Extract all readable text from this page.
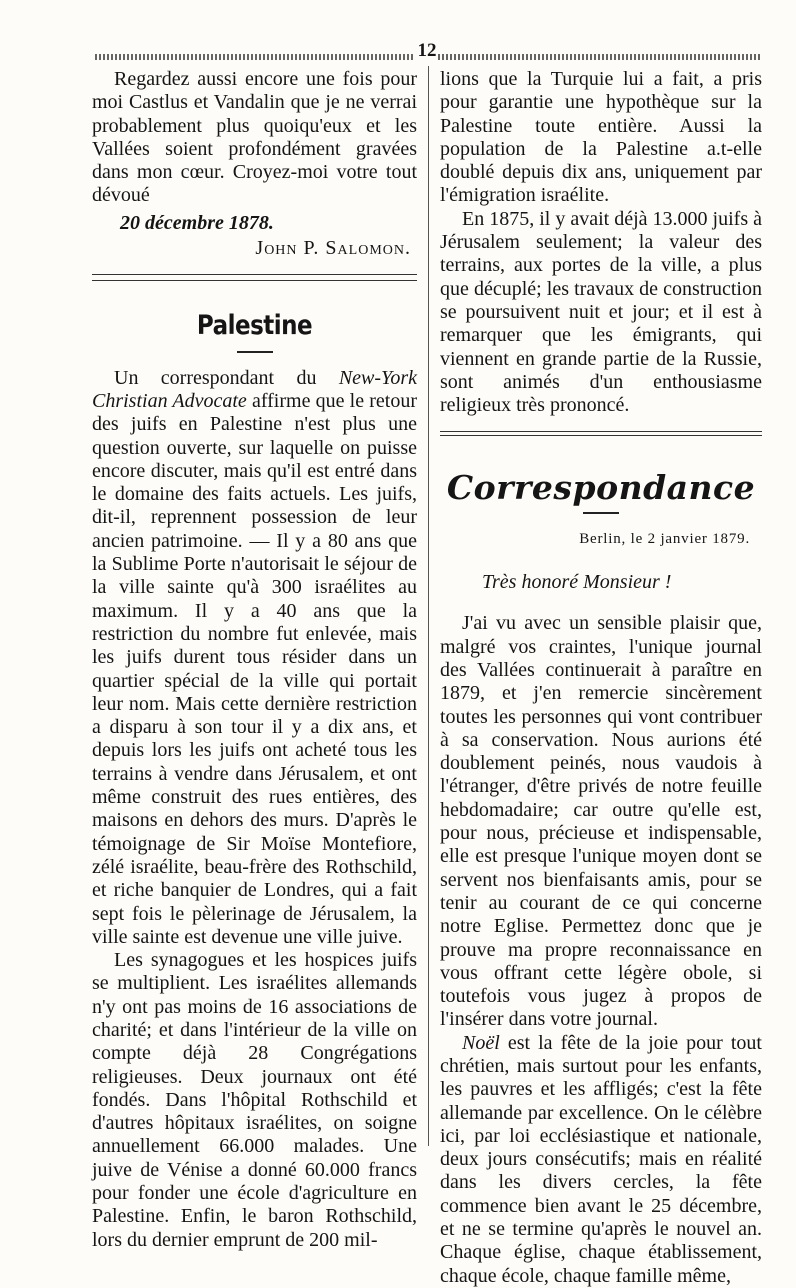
12

Regardez aussi encore une fois pour moi Castlus et Vandalin que je ne verrai probablement plus quoiqu'eux et les Vallées soient profondément gravées dans mon cœur. Croyez-moi votre tout dévoué

20 décembre 1878.

John P. Salomon.

Palestine

Un correspondant du New-York Christian Advocate affirme que le retour des juifs en Palestine n'est plus une question ouverte, sur laquelle on puisse encore discuter, mais qu'il est entré dans le domaine des faits actuels. Les juifs, dit-il, reprennent possession de leur ancien patrimoine. — Il y a 80 ans que la Sublime Porte n'autorisait le séjour de la ville sainte qu'à 300 israélites au maximum. Il y a 40 ans que la restriction du nombre fut enlevée, mais les juifs durent tous résider dans un quartier spécial de la ville qui portait leur nom. Mais cette dernière restriction a disparu à son tour il y a dix ans, et depuis lors les juifs ont acheté tous les terrains à vendre dans Jérusalem, et ont même construit des rues entières, des maisons en dehors des murs. D'après le témoignage de Sir Moïse Montefiore, zélé israélite, beau-frère des Rothschild, et riche banquier de Londres, qui a fait sept fois le pèlerinage de Jérusalem, la ville sainte est devenue une ville juive.

Les synagogues et les hospices juifs se multiplient. Les israélites allemands n'y ont pas moins de 16 associations de charité; et dans l'intérieur de la ville on compte déjà 28 Congrégations religieuses. Deux journaux ont été fondés. Dans l'hôpital Rothschild et d'autres hôpitaux israélites, on soigne annuellement 66.000 malades. Une juive de Vénise a donné 60.000 francs pour fonder une école d'agriculture en Palestine. Enfin, le baron Rothschild, lors du dernier emprunt de 200 mil-

lions que la Turquie lui a fait, a pris pour garantie une hypothèque sur la Palestine toute entière. Aussi la population de la Palestine a.t-elle doublé depuis dix ans, uniquement par l'émigration israélite.

En 1875, il y avait déjà 13.000 juifs à Jérusalem seulement; la valeur des terrains, aux portes de la ville, a plus que décuplé; les travaux de construction se poursuivent nuit et jour; et il est à remarquer que les émigrants, qui viennent en grande partie de la Russie, sont animés d'un enthousiasme religieux très prononcé.

Correspondance
Berlin, le 2 janvier 1879.

Très honoré Monsieur !

J'ai vu avec un sensible plaisir que, malgré vos craintes, l'unique journal des Vallées continuerait à paraître en 1879, et j'en remercie sincèrement toutes les personnes qui vont contribuer à sa conservation. Nous aurions été doublement peinés, nous vaudois à l'étranger, d'être privés de notre feuille hebdomadaire; car outre qu'elle est, pour nous, précieuse et indispensable, elle est presque l'unique moyen dont se servent nos bienfaisants amis, pour se tenir au courant de ce qui concerne notre Eglise. Permettez donc que je prouve ma propre reconnaissance en vous offrant cette légère obole, si toutefois vous jugez à propos de l'insérer dans votre journal.

Noël est la fête de la joie pour tout chrétien, mais surtout pour les enfants, les pauvres et les affligés; c'est la fête allemande par excellence. On le célèbre ici, par loi ecclésiastique et nationale, deux jours consécutifs; mais en réalité dans les divers cercles, la fête commence bien avant le 25 décembre, et ne se termine qu'après le nouvel an. Chaque église, chaque établissement, chaque école, chaque famille même,
